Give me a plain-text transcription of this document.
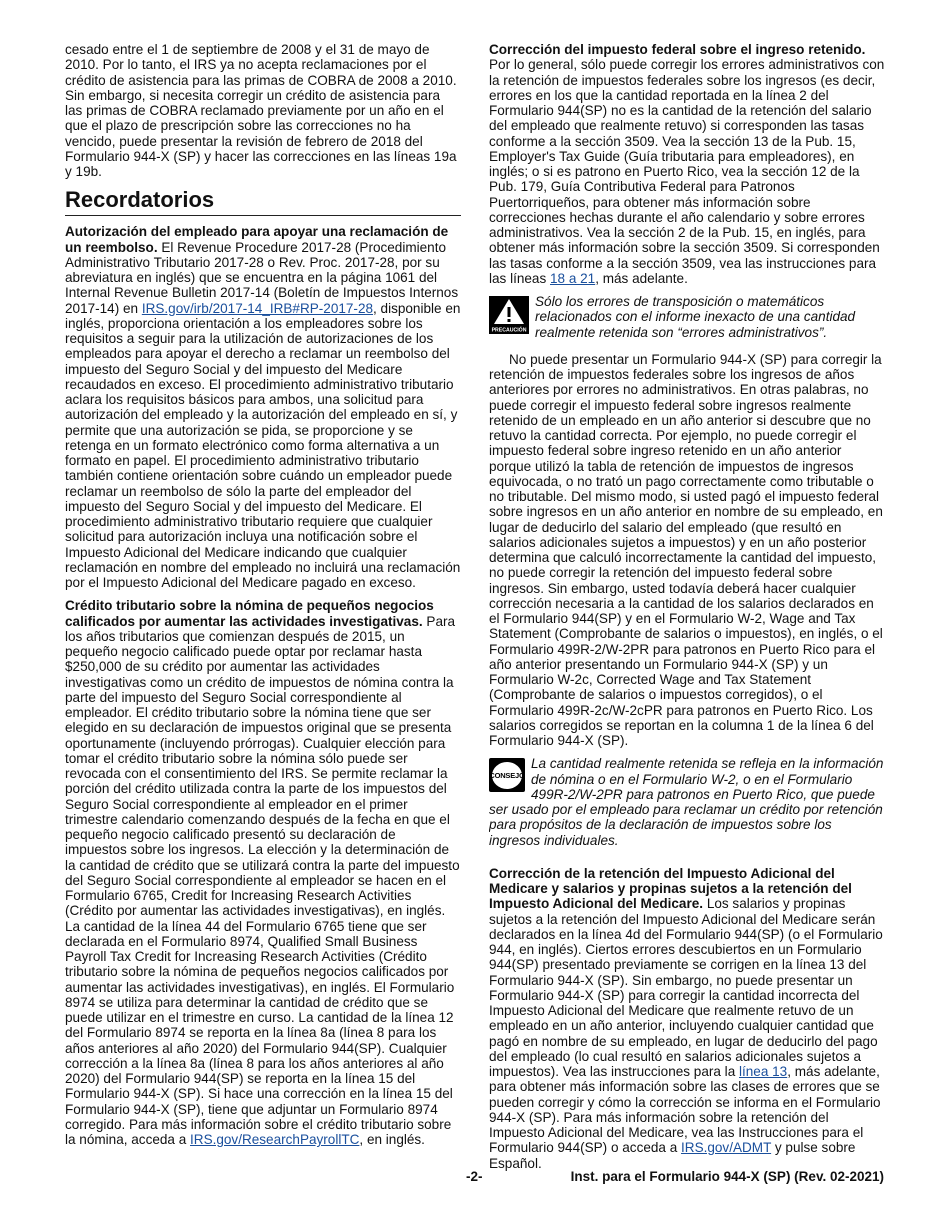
cesado entre el 1 de septiembre de 2008 y el 31 de mayo de 2010. Por lo tanto, el IRS ya no acepta reclamaciones por el crédito de asistencia para las primas de COBRA de 2008 a 2010. Sin embargo, si necesita corregir un crédito de asistencia para las primas de COBRA reclamado previamente por un año en el que el plazo de prescripción sobre las correcciones no ha vencido, puede presentar la revisión de febrero de 2018 del Formulario 944-X (SP) y hacer las correcciones en las líneas 19a y 19b.

Recordatorios

Autorización del empleado para apoyar una reclamación de un reembolso. El Revenue Procedure 2017-28 (Procedimiento Administrativo Tributario 2017-28 o Rev. Proc. 2017-28, por su abreviatura en inglés) que se encuentra en la página 1061 del Internal Revenue Bulletin 2017-14 (Boletín de Impuestos Internos 2017-14) en IRS.gov/irb/2017-14_IRB#RP-2017-28, disponible en inglés, proporciona orientación a los empleadores sobre los requisitos a seguir para la utilización de autorizaciones de los empleados para apoyar el derecho a reclamar un reembolso del impuesto del Seguro Social y del impuesto del Medicare recaudados en exceso. El procedimiento administrativo tributario aclara los requisitos básicos para ambos, una solicitud para autorización del empleado y la autorización del empleado en sí, y permite que una autorización se pida, se proporcione y se retenga en un formato electrónico como forma alternativa a un formato en papel. El procedimiento administrativo tributario también contiene orientación sobre cuándo un empleador puede reclamar un reembolso de sólo la parte del empleador del impuesto del Seguro Social y del impuesto del Medicare. El procedimiento administrativo tributario requiere que cualquier solicitud para autorización incluya una notificación sobre el Impuesto Adicional del Medicare indicando que cualquier reclamación en nombre del empleado no incluirá una reclamación por el Impuesto Adicional del Medicare pagado en exceso.

Crédito tributario sobre la nómina de pequeños negocios calificados por aumentar las actividades investigativas. Para los años tributarios que comienzan después de 2015, un pequeño negocio calificado puede optar por reclamar hasta $250,000 de su crédito por aumentar las actividades investigativas como un crédito de impuestos de nómina contra la parte del impuesto del Seguro Social correspondiente al empleador. El crédito tributario sobre la nómina tiene que ser elegido en su declaración de impuestos original que se presenta oportunamente (incluyendo prórrogas). Cualquier elección para tomar el crédito tributario sobre la nómina sólo puede ser revocada con el consentimiento del IRS. Se permite reclamar la porción del crédito utilizada contra la parte de los impuestos del Seguro Social correspondiente al empleador en el primer trimestre calendario comenzando después de la fecha en que el pequeño negocio calificado presentó su declaración de impuestos sobre los ingresos. La elección y la determinación de la cantidad de crédito que se utilizará contra la parte del impuesto del Seguro Social correspondiente al empleador se hacen en el Formulario 6765, Credit for Increasing Research Activities (Crédito por aumentar las actividades investigativas), en inglés. La cantidad de la línea 44 del Formulario 6765 tiene que ser declarada en el Formulario 8974, Qualified Small Business Payroll Tax Credit for Increasing Research Activities (Crédito tributario sobre la nómina de pequeños negocios calificados por aumentar las actividades investigativas), en inglés. El Formulario 8974 se utiliza para determinar la cantidad de crédito que se puede utilizar en el trimestre en curso. La cantidad de la línea 12 del Formulario 8974 se reporta en la línea 8a (línea 8 para los años anteriores al año 2020) del Formulario 944(SP). Cualquier corrección a la línea 8a (línea 8 para los años anteriores al año 2020) del Formulario 944(SP) se reporta en la línea 15 del Formulario 944-X (SP). Si hace una corrección en la línea 15 del Formulario 944-X (SP), tiene que adjuntar un Formulario 8974 corregido. Para más información sobre el crédito tributario sobre la nómina, acceda a IRS.gov/ResearchPayrollTC, en inglés.

Corrección del impuesto federal sobre el ingreso retenido. Por lo general, sólo puede corregir los errores administrativos con la retención de impuestos federales sobre los ingresos (es decir, errores en los que la cantidad reportada en la línea 2 del Formulario 944(SP) no es la cantidad de la retención del salario del empleado que realmente retuvo) si corresponden las tasas conforme a la sección 3509. Vea la sección 13 de la Pub. 15, Employer's Tax Guide (Guía tributaria para empleadores), en inglés; o si es patrono en Puerto Rico, vea la sección 12 de la Pub. 179, Guía Contributiva Federal para Patronos Puertorriqueños, para obtener más información sobre correcciones hechas durante el año calendario y sobre errores administrativos. Vea la sección 2 de la Pub. 15, en inglés, para obtener más información sobre la sección 3509. Si corresponden las tasas conforme a la sección 3509, vea las instrucciones para las líneas 18 a 21, más adelante.

PRECAUCIÓN

Sólo los errores de transposición o matemáticos relacionados con el informe inexacto de una cantidad realmente retenida son “errores administrativos”.

No puede presentar un Formulario 944-X (SP) para corregir la retención de impuestos federales sobre los ingresos de años anteriores por errores no administrativos. En otras palabras, no puede corregir el impuesto federal sobre ingresos realmente retenido de un empleado en un año anterior si descubre que no retuvo la cantidad correcta. Por ejemplo, no puede corregir el impuesto federal sobre ingreso retenido en un año anterior porque utilizó la tabla de retención de impuestos de ingresos equivocada, o no trató un pago correctamente como tributable o no tributable. Del mismo modo, si usted pagó el impuesto federal sobre ingresos en un año anterior en nombre de su empleado, en lugar de deducirlo del salario del empleado (que resultó en salarios adicionales sujetos a impuestos) y en un año posterior determina que calculó incorrectamente la cantidad del impuesto, no puede corregir la retención del impuesto federal sobre ingresos. Sin embargo, usted todavía deberá hacer cualquier corrección necesaria a la cantidad de los salarios declarados en el Formulario 944(SP) y en el Formulario W-2, Wage and Tax Statement (Comprobante de salarios o impuestos), en inglés, o el Formulario 499R-2/W-2PR para patronos en Puerto Rico para el año anterior presentando un Formulario 944-X (SP) y un Formulario W-2c, Corrected Wage and Tax Statement (Comprobante de salarios o impuestos corregidos), o el Formulario 499R-2c/W-2cPR para patronos en Puerto Rico. Los salarios corregidos se reportan en la columna 1 de la línea 6 del Formulario 944-X (SP).

CONSEJO

La cantidad realmente retenida se refleja en la información de nómina o en el Formulario W-2, o en el Formulario 499R-2/W-2PR para patronos en Puerto Rico, que puede ser usado por el empleado para reclamar un crédito por retención para propósitos de la declaración de impuestos sobre los ingresos individuales.

Corrección de la retención del Impuesto Adicional del Medicare y salarios y propinas sujetos a la retención del Impuesto Adicional del Medicare. Los salarios y propinas sujetos a la retención del Impuesto Adicional del Medicare serán declarados en la línea 4d del Formulario 944(SP) (o el Formulario 944, en inglés). Ciertos errores descubiertos en un Formulario 944(SP) presentado previamente se corrigen en la línea 13 del Formulario 944-X (SP). Sin embargo, no puede presentar un Formulario 944-X (SP) para corregir la cantidad incorrecta del Impuesto Adicional del Medicare que realmente retuvo de un empleado en un año anterior, incluyendo cualquier cantidad que pagó en nombre de su empleado, en lugar de deducirlo del pago del empleado (lo cual resultó en salarios adicionales sujetos a impuestos). Vea las instrucciones para la línea 13, más adelante, para obtener más información sobre las clases de errores que se pueden corregir y cómo la corrección se informa en el Formulario 944-X (SP). Para más información sobre la retención del Impuesto Adicional del Medicare, vea las Instrucciones para el Formulario 944(SP) o acceda a IRS.gov/ADMT y pulse sobre Español.

-2-	Inst. para el Formulario 944-X (SP) (Rev. 02-2021)
